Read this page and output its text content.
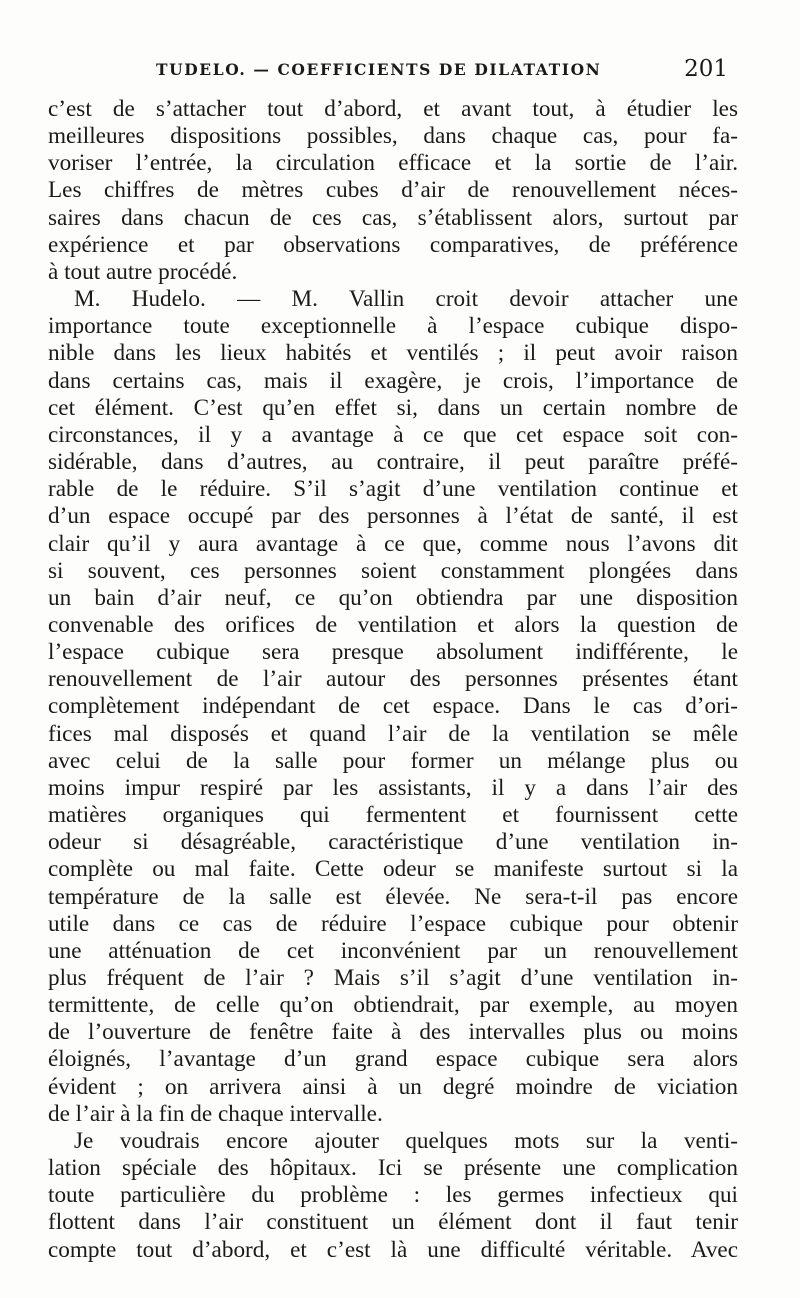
TUDELO. — COEFFICIENTS DE DILATATION	201
c’est de s’attacher tout d’abord, et avant tout, à étudier les
meilleures dispositions possibles, dans chaque cas, pour fa-
voriser l’entrée, la circulation efficace et la sortie de l’air.
Les chiffres de mètres cubes d’air de renouvellement néces-
saires dans chacun de ces cas, s’établissent alors, surtout par
expérience et par observations comparatives, de préférence
à tout autre procédé.
M. Hudelo. — M. Vallin croit devoir attacher une
importance toute exceptionnelle à l’espace cubique dispo-
nible dans les lieux habités et ventilés ; il peut avoir raison
dans certains cas, mais il exagère, je crois, l’importance de
cet élément. C’est qu’en effet si, dans un certain nombre de
circonstances, il y a avantage à ce que cet espace soit con-
sidérable, dans d’autres, au contraire, il peut paraître préfé-
rable de le réduire. S’il s’agit d’une ventilation continue et
d’un espace occupé par des personnes à l’état de santé, il est
clair qu’il y aura avantage à ce que, comme nous l’avons dit
si souvent, ces personnes soient constamment plongées dans
un bain d’air neuf, ce qu’on obtiendra par une disposition
convenable des orifices de ventilation et alors la question de
l’espace cubique sera presque absolument indifférente, le
renouvellement de l’air autour des personnes présentes étant
complètement indépendant de cet espace. Dans le cas d’ori-
fices mal disposés et quand l’air de la ventilation se mêle
avec celui de la salle pour former un mélange plus ou
moins impur respiré par les assistants, il y a dans l’air des
matières organiques qui fermentent et fournissent cette
odeur si désagréable, caractéristique d’une ventilation in-
complète ou mal faite. Cette odeur se manifeste surtout si la
température de la salle est élevée. Ne sera-t-il pas encore
utile dans ce cas de réduire l’espace cubique pour obtenir
une atténuation de cet inconvénient par un renouvellement
plus fréquent de l’air ? Mais s’il s’agit d’une ventilation in-
termittente, de celle qu’on obtiendrait, par exemple, au moyen
de l’ouverture de fenêtre faite à des intervalles plus ou moins
éloignés, l’avantage d’un grand espace cubique sera alors
évident ; on arrivera ainsi à un degré moindre de viciation
de l’air à la fin de chaque intervalle.
Je voudrais encore ajouter quelques mots sur la venti-
lation spéciale des hôpitaux. Ici se présente une complication
toute particulière du problème : les germes infectieux qui
flottent dans l’air constituent un élément dont il faut tenir
compte tout d’abord, et c’est là une difficulté véritable. Avec
